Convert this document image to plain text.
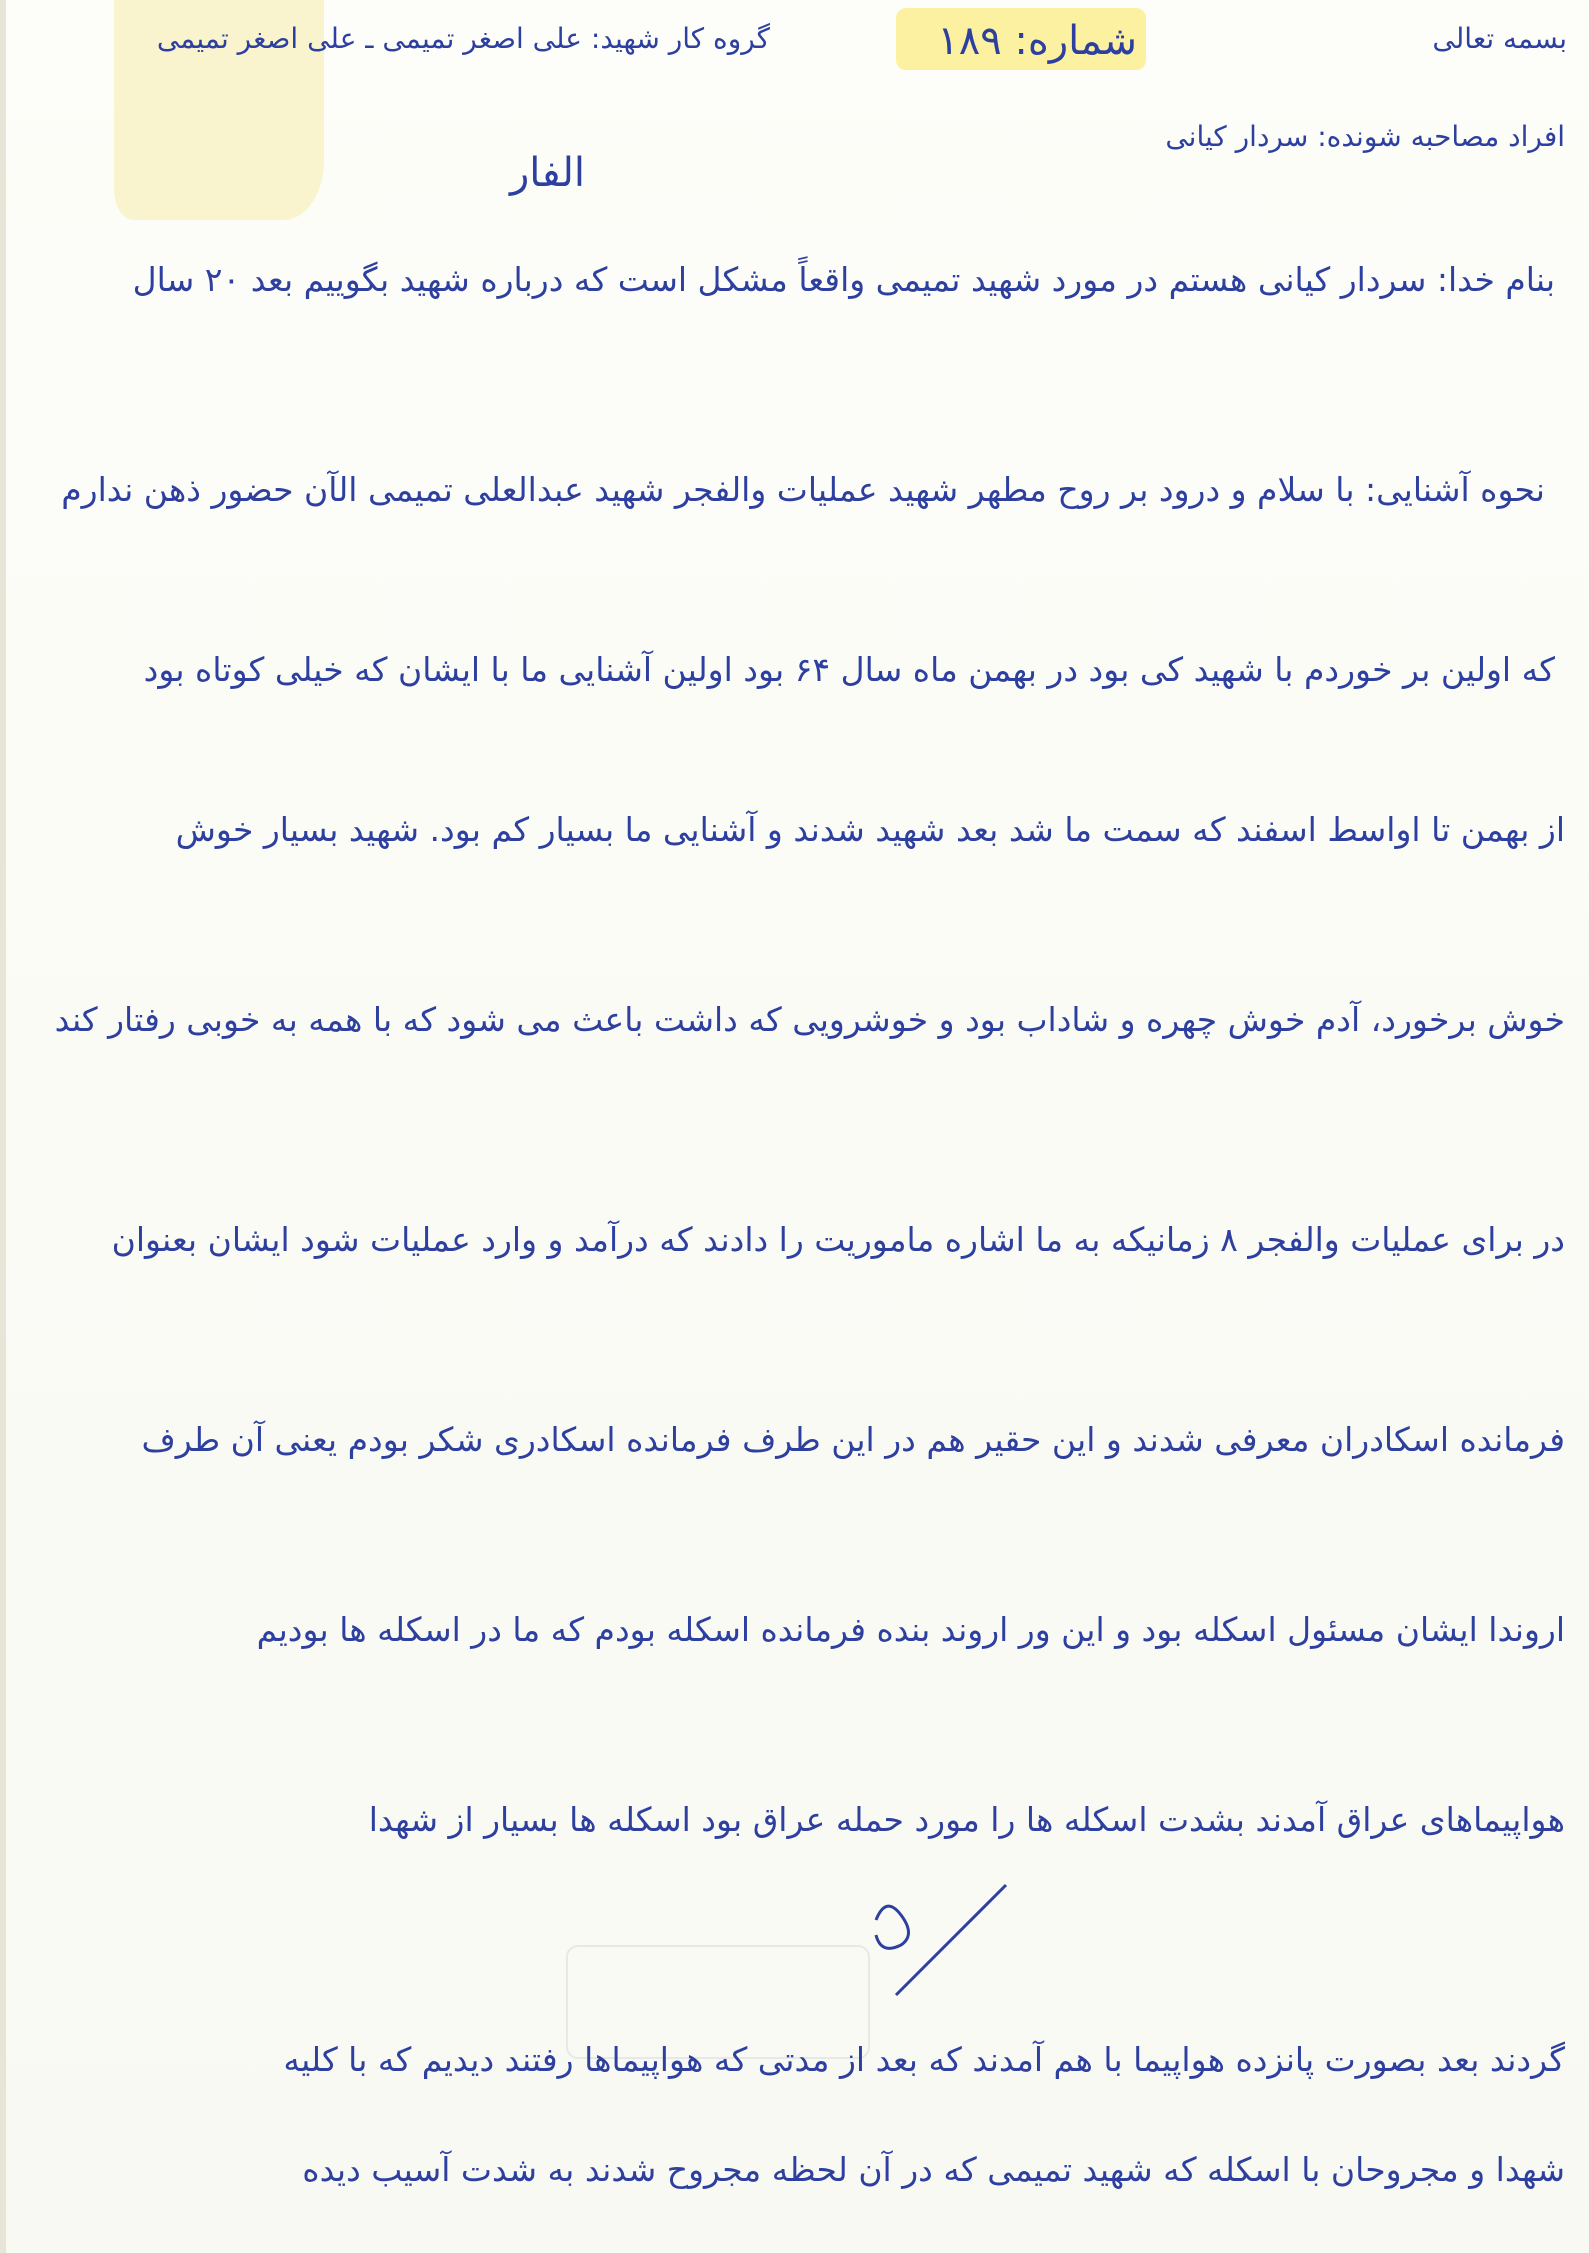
بسمه تعالی
شماره: ۱۸۹
گروه کار شهید: علی اصغر تمیمی ـ علی اصغر تمیمی
افراد مصاحبه شونده: سردار کیانی
الفار
بنام خدا: سردار کیانی هستم در مورد شهید تمیمی واقعاً مشکل است که درباره شهید بگوییم بعد ۲۰ سال
نحوه آشنایی: با سلام و درود بر روح مطهر شهید عملیات والفجر شهید عبدالعلی تمیمی الآن حضور ذهن ندارم
که اولین بر خوردم با شهید کی بود در بهمن ماه سال ۶۴ بود اولین آشنایی ما با ایشان که خیلی کوتاه بود
از بهمن تا اواسط اسفند که سمت ما شد بعد شهید شدند و آشنایی ما بسیار کم بود. شهید بسیار خوش
خوش برخورد، آدم خوش چهره و شاداب بود و خوشرویی که داشت باعث می شود که با همه به خوبی رفتار کند
در برای عملیات والفجر ۸ زمانیکه به ما اشاره ماموریت را دادند که درآمد و وارد عملیات شود ایشان بعنوان
فرمانده اسکادران معرفی شدند و این حقیر هم در این طرف فرمانده اسکادری شکر بودم یعنی آن طرف
اروندا ایشان مسئول اسکله بود و این ور اروند بنده فرمانده اسکله بودم که ما در اسکله ها بودیم
هواپیماهای عراق آمدند بشدت اسکله ها را مورد حمله عراق بود اسکله ها بسیار از شهدا
گردند بعد بصورت پانزده هواپیما با هم آمدند که بعد از مدتی که هواپیماها رفتند دیدیم که با کلیه
شهدا و مجروحان با اسکله که شهید تمیمی که در آن لحظه مجروح شدند به شدت آسیب دیده
